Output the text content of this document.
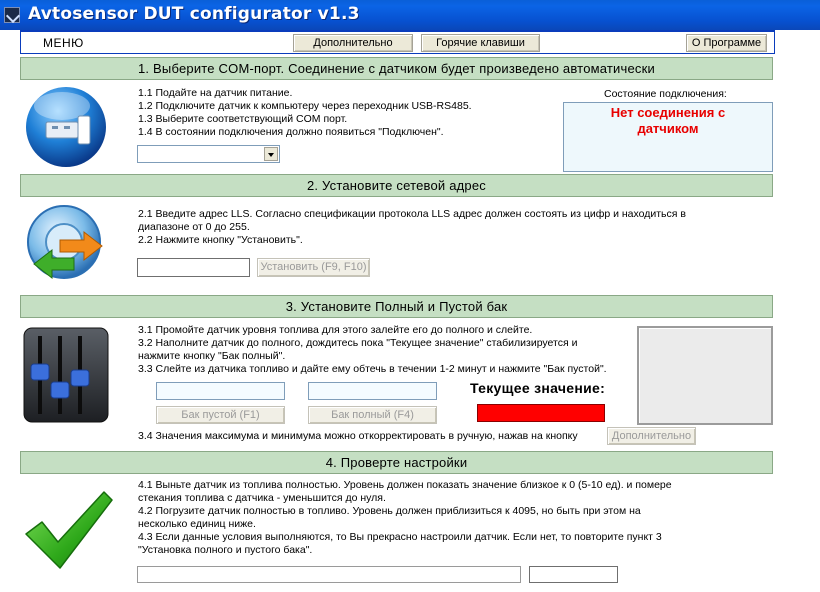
Avtosensor DUT configurator v1.3
МЕНЮ	Дополнительно	Горячие клавиши	О Программе
1. Выберите COM-порт. Соединение с датчиком будет произведено автоматически
1.1 Подайте на датчик питание.
1.2 Подключите датчик к компьютеру через переходник USB-RS485.
1.3 Выберите соответствующий COM порт.
1.4 В состоянии подключения должно появиться "Подключен".
Состояние подключения:
Нет соединения с датчиком
2. Установите сетевой адрес
2.1 Введите адрес LLS. Согласно спецификации протокола LLS адрес должен состоять из цифр и находиться в
диапазоне от 0 до 255.
2.2 Нажмите кнопку "Установить".
Установить (F9, F10)
3. Установите Полный и Пустой бак
3.1 Промойте датчик уровня топлива для этого залейте его до полного и слейте.
3.2 Наполните датчик до полного, дождитесь пока "Текущее значение" стабилизируется и
нажмите кнопку "Бак полный".
3.3 Слейте из датчика топливо и дайте ему обтечь в течении 1-2 минут и нажмите "Бак пустой".
Текущее значение:
Бак пустой (F1)	Бак полный (F4)
3.4 Значения максимума и минимума можно откорректировать в ручную, нажав на кнопку	Дополнительно
4. Проверте настройки
4.1 Выньте датчик из топлива полностью. Уровень должен показать значение близкое к 0 (5-10 ед). и помере
стекания топлива с датчика - уменьшится до нуля.
4.2 Погрузите датчик полностью в топливо. Уровень должен приблизиться к 4095, но быть при этом на
несколько единиц ниже.
4.3 Если данные условия выполняются, то Вы прекрасно настроили датчик. Если нет, то повторите пункт 3
"Установка полного и пустого бака".
